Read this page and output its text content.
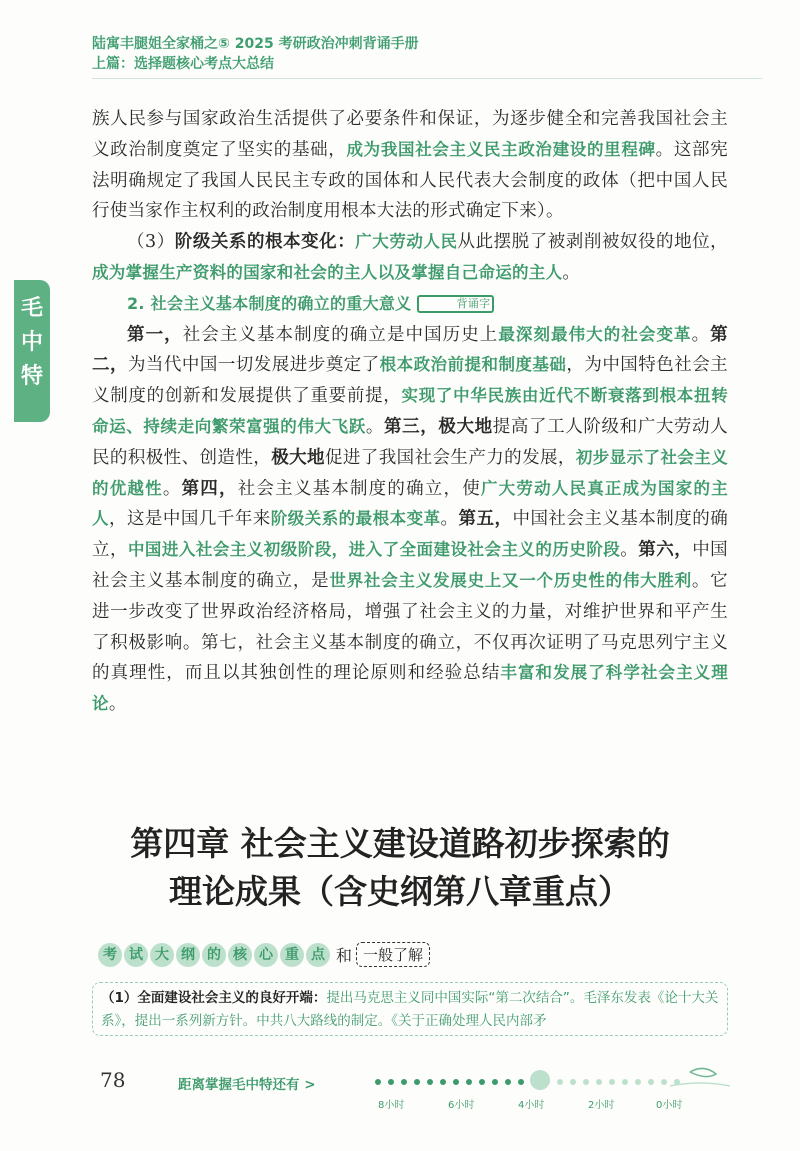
陆寓丰腿姐全家桶之⑤ 2025 考研政治冲刺背诵手册
上篇：选择题核心考点大总结
毛
中
特

族人民参与国家政治生活提供了必要条件和保证，为逐步健全和完善我国社会主义政治制度奠定了坚实的基础，成为我国社会主义民主政治建设的里程碑。这部宪法明确规定了我国人民民主专政的国体和人民代表大会制度的政体（把中国人民行使当家作主权利的政治制度用根本大法的形式确定下来）。

（3）阶级关系的根本变化：广大劳动人民从此摆脱了被剥削被奴役的地位，成为掌握生产资料的国家和社会的主人以及掌握自己命运的主人。

2. 社会主义基本制度的确立的重大意义	背诵字

第一，社会主义基本制度的确立是中国历史上最深刻最伟大的社会变革。第二，为当代中国一切发展进步奠定了根本政治前提和制度基础，为中国特色社会主义制度的创新和发展提供了重要前提，实现了中华民族由近代不断衰落到根本扭转命运、持续走向繁荣富强的伟大飞跃。第三，极大地提高了工人阶级和广大劳动人民的积极性、创造性，极大地促进了我国社会生产力的发展，初步显示了社会主义的优越性。第四，社会主义基本制度的确立，使广大劳动人民真正成为国家的主人，这是中国几千年来阶级关系的最根本变革。第五，中国社会主义基本制度的确立，中国进入社会主义初级阶段，进入了全面建设社会主义的历史阶段。第六，中国社会主义基本制度的确立，是世界社会主义发展史上又一个历史性的伟大胜利。它进一步改变了世界政治经济格局，增强了社会主义的力量，对维护世界和平产生了积极影响。第七，社会主义基本制度的确立，不仅再次证明了马克思列宁主义的真理性，而且以其独创性的理论原则和经验总结丰富和发展了科学社会主义理论。

第四章 社会主义建设道路初步探索的
理论成果（含史纲第八章重点）
考 试 大 纲 的 核 心 重 点 和 一般了解
（1）全面建设社会主义的良好开端：提出马克思主义同中国实际“第二次结合”。毛泽东发表《论十大关系》，提出一系列新方针。中共八大路线的制定。《关于正确处理人民内部矛
78	距离掌握毛中特还有 >
8小时	6小时	4小时	2小时	0小时
